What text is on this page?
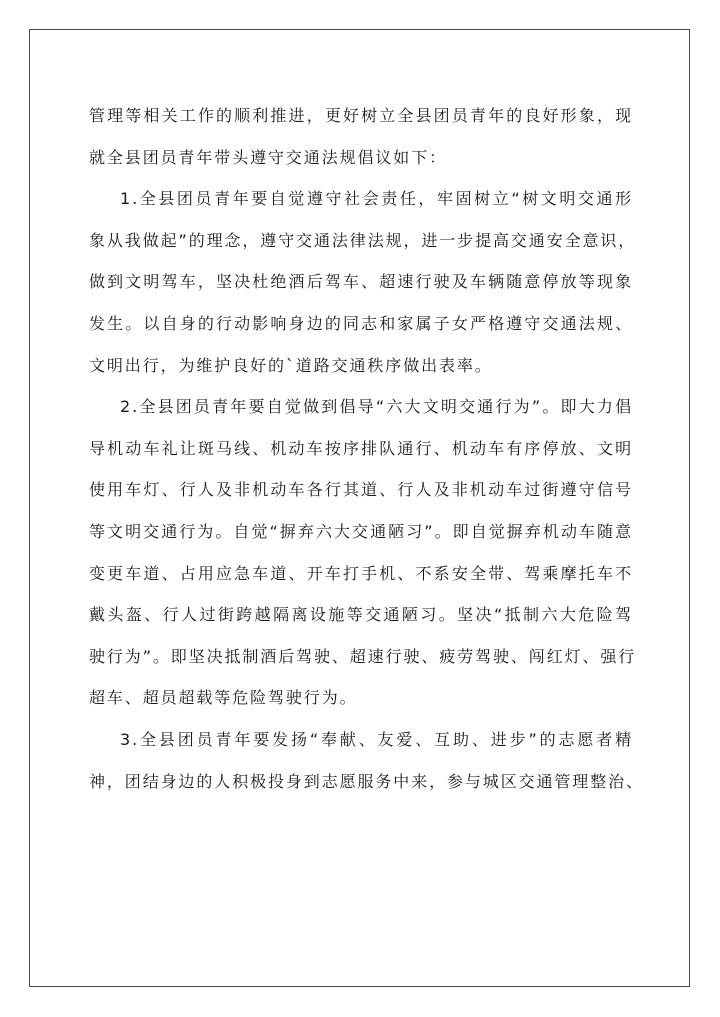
管理等相关工作的顺利推进，更好树立全县团员青年的良好形象，现
就全县团员青年带头遵守交通法规倡议如下：
1.全县团员青年要自觉遵守社会责任，牢固树立“树文明交通形
象从我做起”的理念，遵守交通法律法规，进一步提高交通安全意识，
做到文明驾车，坚决杜绝酒后驾车、超速行驶及车辆随意停放等现象
发生。以自身的行动影响身边的同志和家属子女严格遵守交通法规、
文明出行，为维护良好的`道路交通秩序做出表率。
2.全县团员青年要自觉做到倡导“六大文明交通行为”。即大力倡
导机动车礼让斑马线、机动车按序排队通行、机动车有序停放、文明
使用车灯、行人及非机动车各行其道、行人及非机动车过街遵守信号
等文明交通行为。自觉“摒弃六大交通陋习”。即自觉摒弃机动车随意
变更车道、占用应急车道、开车打手机、不系安全带、驾乘摩托车不
戴头盔、行人过街跨越隔离设施等交通陋习。坚决“抵制六大危险驾
驶行为”。即坚决抵制酒后驾驶、超速行驶、疲劳驾驶、闯红灯、强行
超车、超员超载等危险驾驶行为。
3.全县团员青年要发扬“奉献、友爱、互助、进步”的志愿者精
神，团结身边的人积极投身到志愿服务中来，参与城区交通管理整治、
